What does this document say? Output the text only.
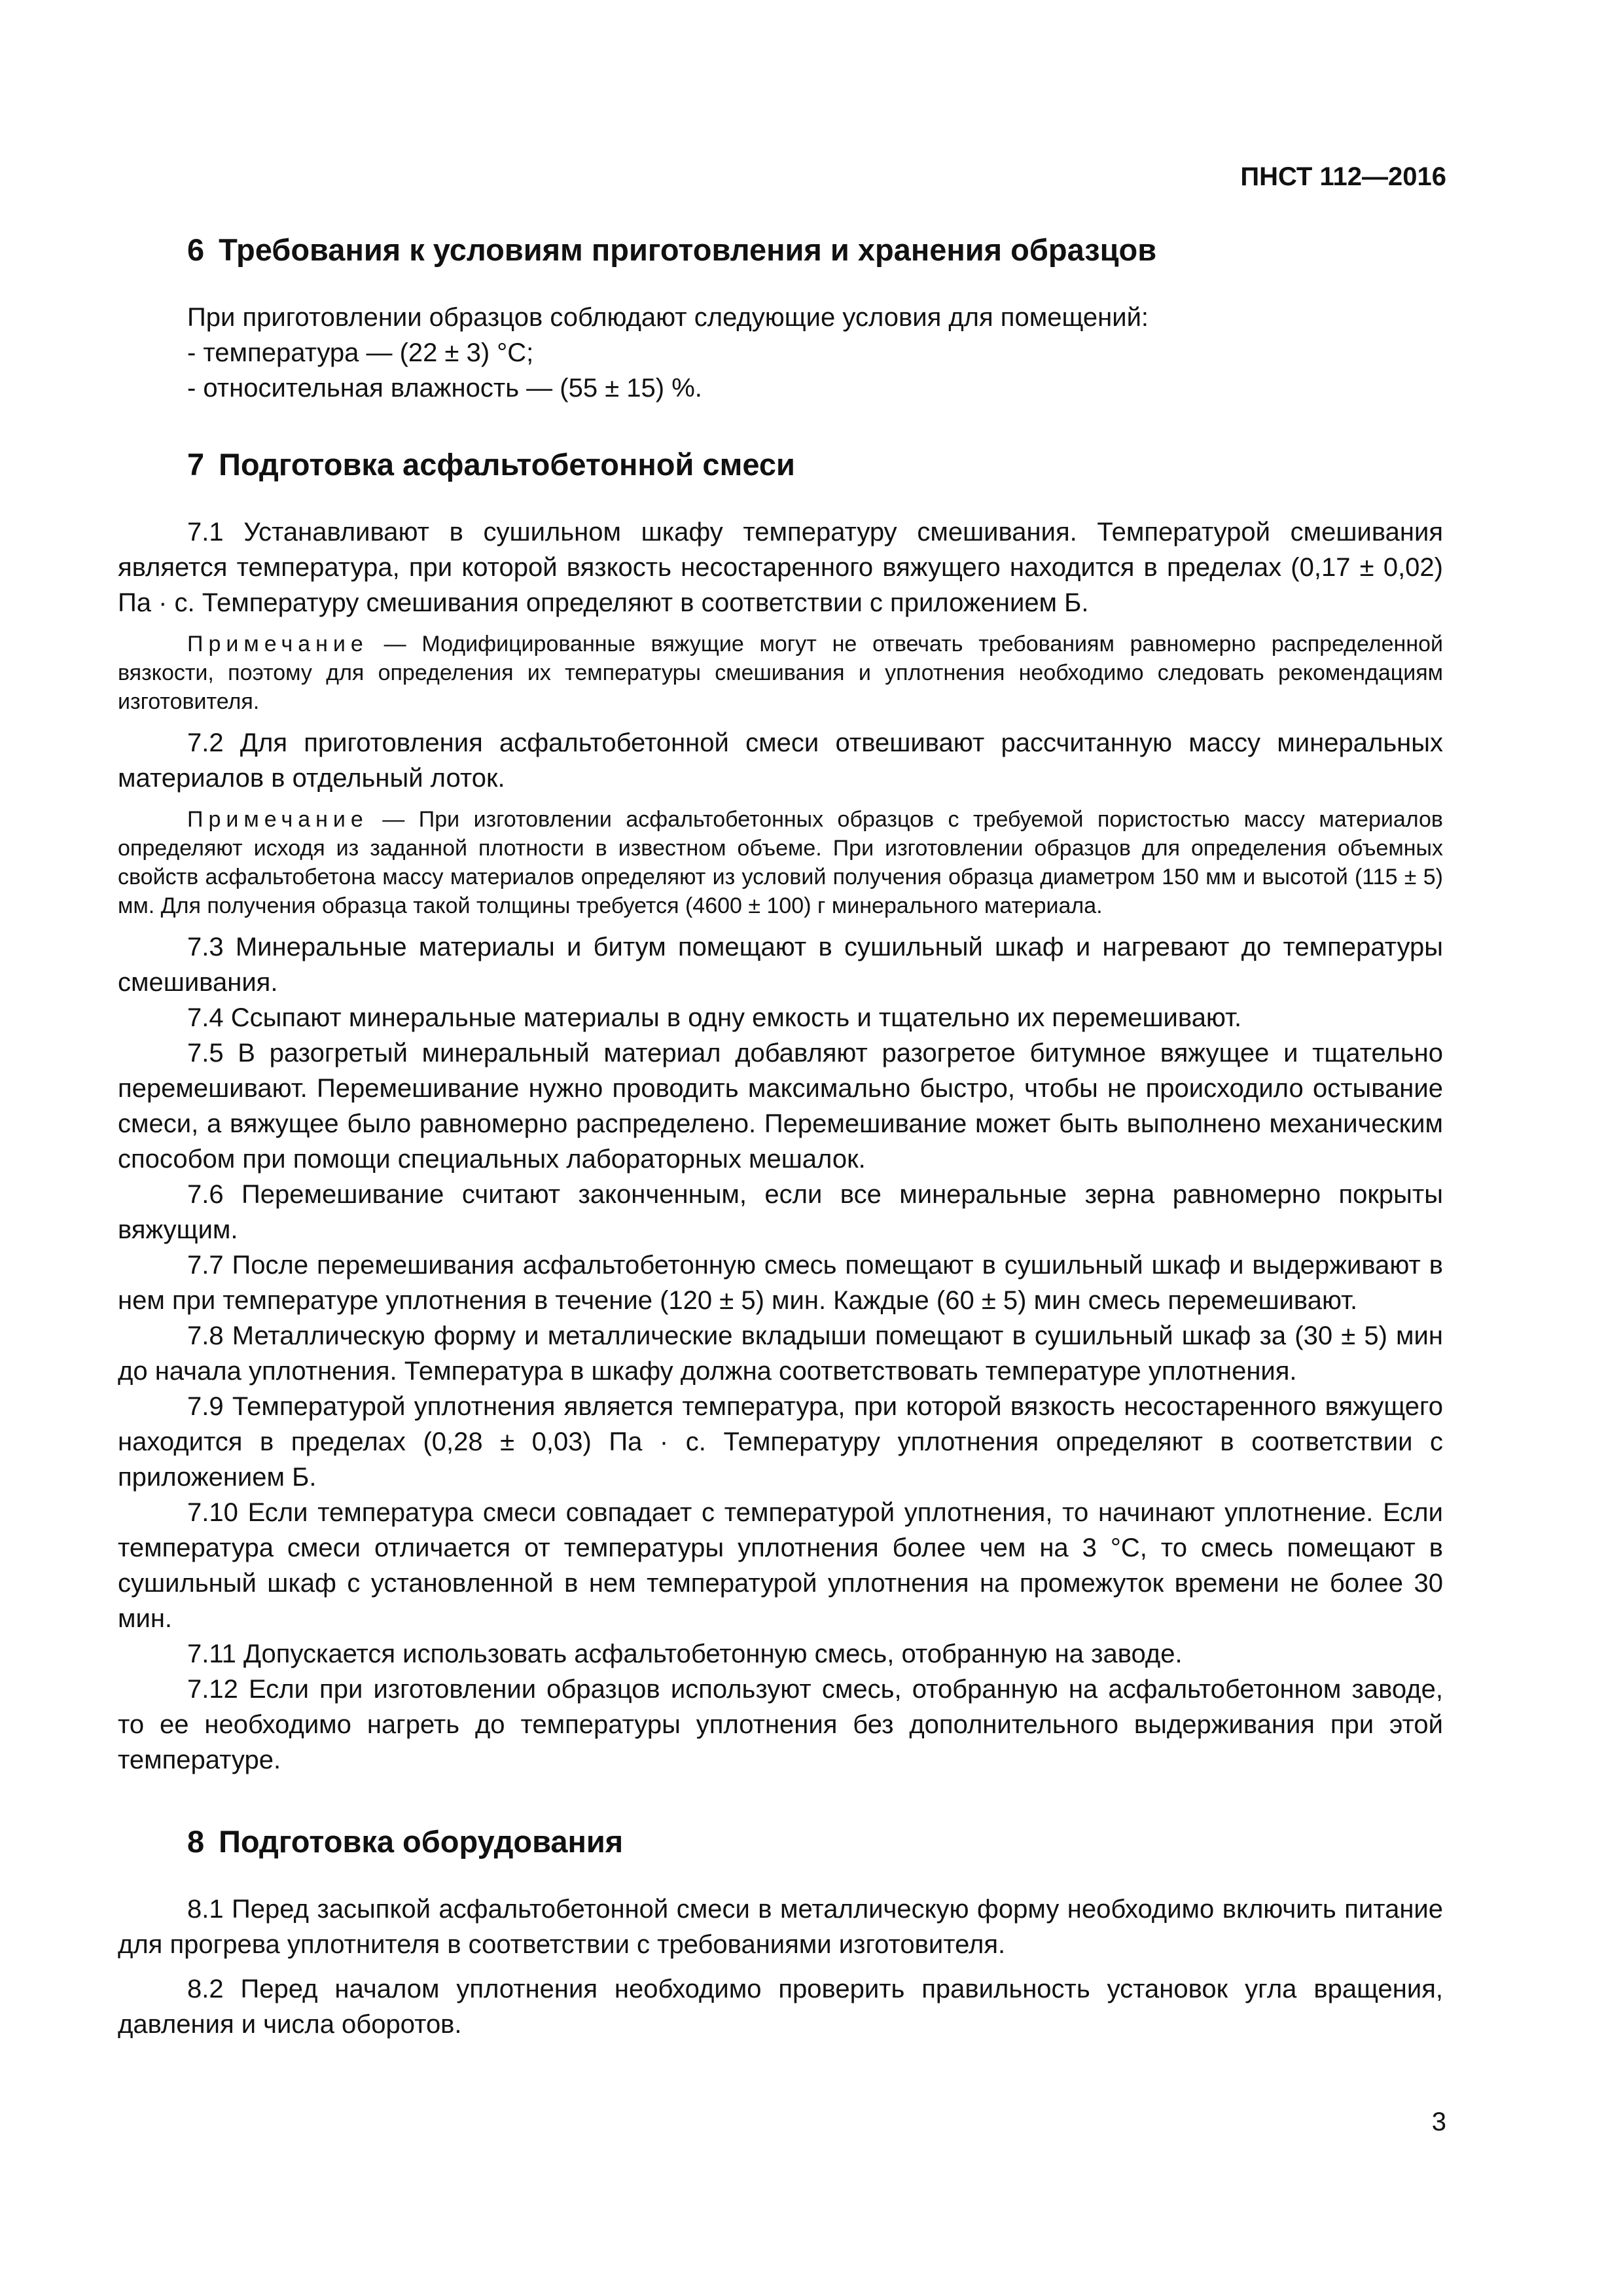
ПНСТ 112—2016
6 Требования к условиям приготовления и хранения образцов

При приготовлении образцов соблюдают следующие условия для помещений:

- температура — (22 ± 3) °С;
- относительная влажность — (55 ± 15) %.
7 Подготовка асфальтобетонной смеси

7.1 Устанавливают в сушильном шкафу температуру смешивания. Температурой смешивания является температура, при которой вязкость несостаренного вяжущего находится в пределах (0,17 ± 0,02) Па · с. Температуру смешивания определяют в соответствии с приложением Б.

Примечание — Модифицированные вяжущие могут не отвечать требованиям равномерно распределенной вязкости, поэтому для определения их температуры смешивания и уплотнения необходимо следовать рекомендациям изготовителя.

7.2 Для приготовления асфальтобетонной смеси отвешивают рассчитанную массу минеральных материалов в отдельный лоток.

Примечание — При изготовлении асфальтобетонных образцов с требуемой пористостью массу материалов определяют исходя из заданной плотности в известном объеме. При изготовлении образцов для определения объемных свойств асфальтобетона массу материалов определяют из условий получения образца диаметром 150 мм и высотой (115 ± 5) мм. Для получения образца такой толщины требуется (4600 ± 100) г минерального материала.

7.3 Минеральные материалы и битум помещают в сушильный шкаф и нагревают до температуры смешивания.

7.4 Ссыпают минеральные материалы в одну емкость и тщательно их перемешивают.

7.5 В разогретый минеральный материал добавляют разогретое битумное вяжущее и тщательно перемешивают. Перемешивание нужно проводить максимально быстро, чтобы не происходило остывание смеси, а вяжущее было равномерно распределено. Перемешивание может быть выполнено механическим способом при помощи специальных лабораторных мешалок.

7.6 Перемешивание считают законченным, если все минеральные зерна равномерно покрыты вяжущим.

7.7 После перемешивания асфальтобетонную смесь помещают в сушильный шкаф и выдерживают в нем при температуре уплотнения в течение (120 ± 5) мин. Каждые (60 ± 5) мин смесь перемешивают.

7.8 Металлическую форму и металлические вкладыши помещают в сушильный шкаф за (30 ± 5) мин до начала уплотнения. Температура в шкафу должна соответствовать температуре уплотнения.

7.9 Температурой уплотнения является температура, при которой вязкость несостаренного вяжущего находится в пределах (0,28 ± 0,03) Па · с. Температуру уплотнения определяют в соответствии с приложением Б.

7.10 Если температура смеси совпадает с температурой уплотнения, то начинают уплотнение. Если температура смеси отличается от температуры уплотнения более чем на 3 °С, то смесь помещают в сушильный шкаф с установленной в нем температурой уплотнения на промежуток времени не более 30 мин.

7.11 Допускается использовать асфальтобетонную смесь, отобранную на заводе.

7.12 Если при изготовлении образцов используют смесь, отобранную на асфальтобетонном заводе, то ее необходимо нагреть до температуры уплотнения без дополнительного выдерживания при этой температуре.

8 Подготовка оборудования

8.1 Перед засыпкой асфальтобетонной смеси в металлическую форму необходимо включить питание для прогрева уплотнителя в соответствии с требованиями изготовителя.

8.2 Перед началом уплотнения необходимо проверить правильность установок угла вращения, давления и числа оборотов.

3
